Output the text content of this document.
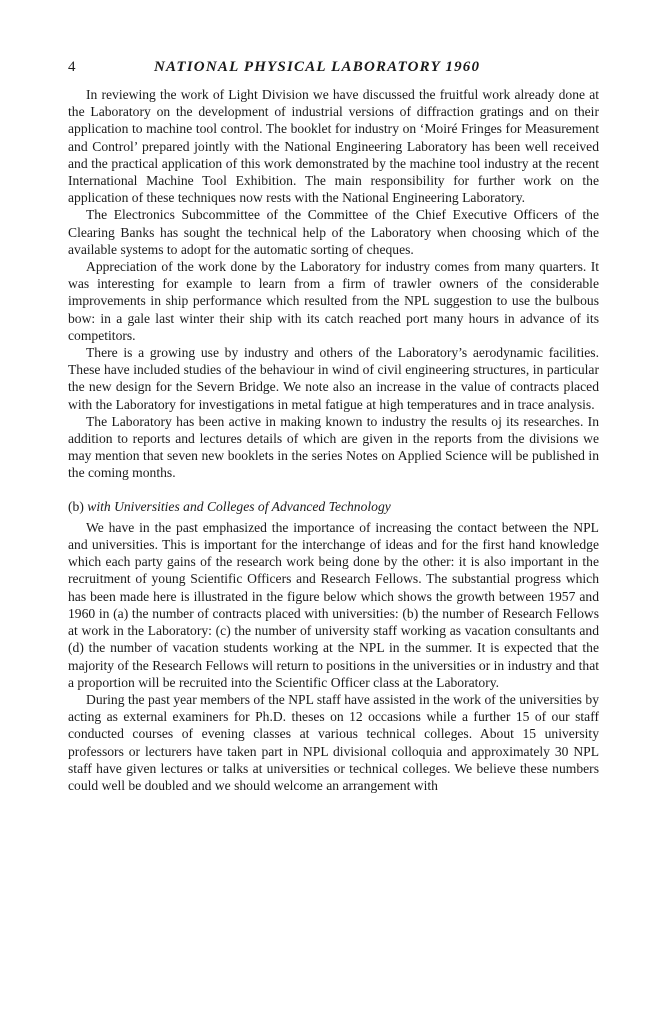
4	NATIONAL PHYSICAL LABORATORY 1960

In reviewing the work of Light Division we have discussed the fruitful work already done at the Laboratory on the development of industrial versions of diffraction gratings and on their application to machine tool control. The booklet for industry on ‘Moiré Fringes for Measurement and Control’ prepared jointly with the National Engineering Laboratory has been well received and the practical application of this work demonstrated by the machine tool industry at the recent International Machine Tool Exhibition. The main responsibility for further work on the application of these techniques now rests with the National Engineering Laboratory.

The Electronics Subcommittee of the Committee of the Chief Executive Officers of the Clearing Banks has sought the technical help of the Laboratory when choosing which of the available systems to adopt for the automatic sorting of cheques.

Appreciation of the work done by the Laboratory for industry comes from many quarters. It was interesting for example to learn from a firm of trawler owners of the considerable improvements in ship performance which resulted from the NPL suggestion to use the bulbous bow: in a gale last winter their ship with its catch reached port many hours in advance of its competitors.

There is a growing use by industry and others of the Laboratory’s aerodynamic facilities. These have included studies of the behaviour in wind of civil engineering structures, in particular the new design for the Severn Bridge. We note also an increase in the value of contracts placed with the Laboratory for investigations in metal fatigue at high temperatures and in trace analysis.

The Laboratory has been active in making known to industry the results oj its researches. In addition to reports and lectures details of which are given in the reports from the divisions we may mention that seven new booklets in the series Notes on Applied Science will be published in the coming months.

(b) with Universities and Colleges of Advanced Technology

We have in the past emphasized the importance of increasing the contact between the NPL and universities. This is important for the interchange of ideas and for the first hand knowledge which each party gains of the research work being done by the other: it is also important in the recruitment of young Scientific Officers and Research Fellows. The substantial progress which has been made here is illustrated in the figure below which shows the growth between 1957 and 1960 in (a) the number of contracts placed with universities: (b) the number of Research Fellows at work in the Laboratory: (c) the number of university staff working as vacation consultants and (d) the number of vacation students working at the NPL in the summer. It is expected that the majority of the Research Fellows will return to positions in the universities or in industry and that a proportion will be recruited into the Scientific Officer class at the Laboratory.

During the past year members of the NPL staff have assisted in the work of the universities by acting as external examiners for Ph.D. theses on 12 occasions while a further 15 of our staff conducted courses of evening classes at various technical colleges. About 15 university professors or lecturers have taken part in NPL divisional colloquia and approximately 30 NPL staff have given lectures or talks at universities or technical colleges. We believe these numbers could well be doubled and we should welcome an arrangement with
